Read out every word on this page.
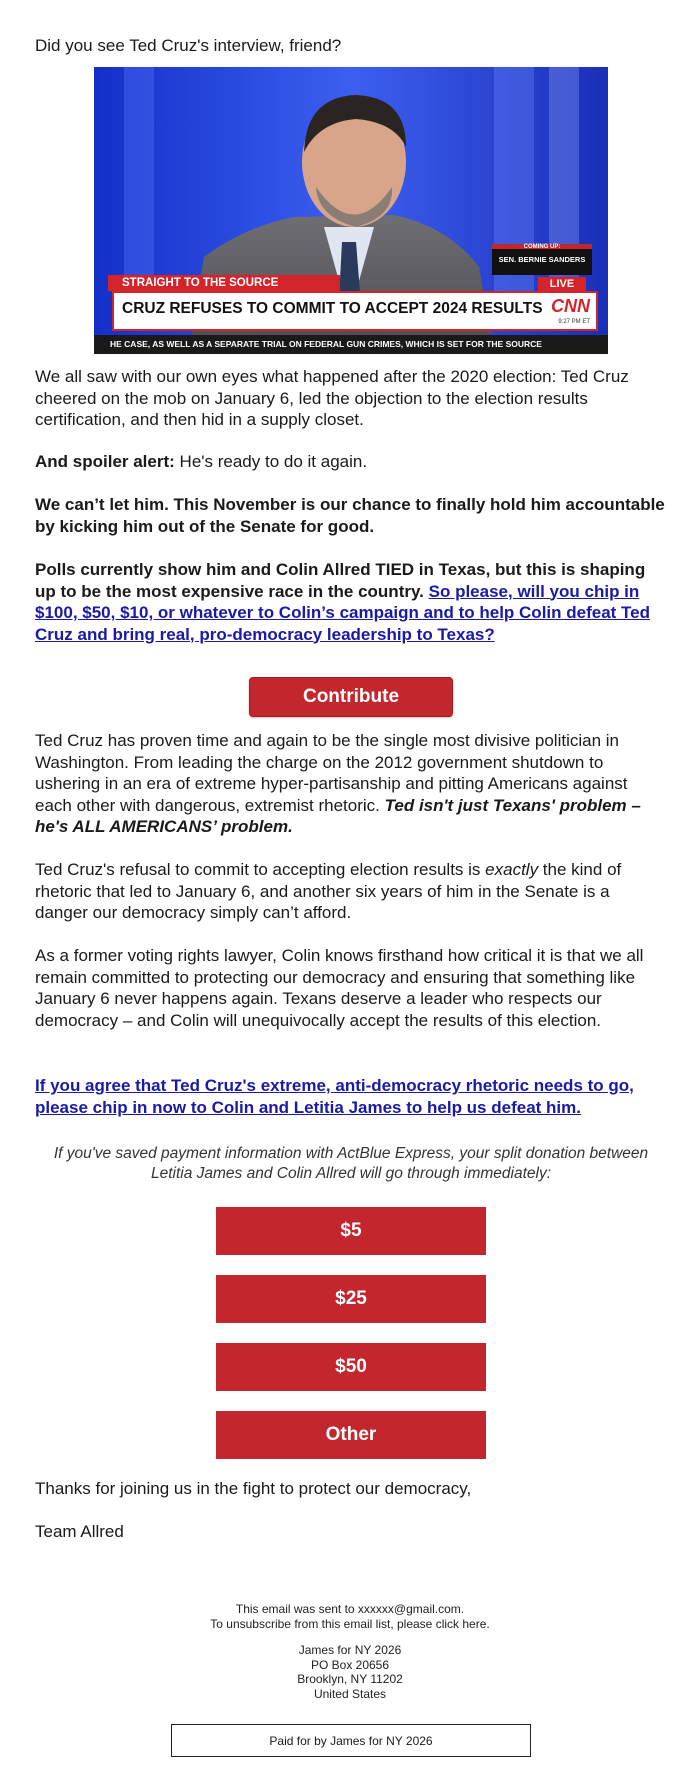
Did you see Ted Cruz's interview, friend?

COMING UP:
SEN. BERNIE SANDERS
STRAIGHT TO THE SOURCE	LIVE
CRUZ REFUSES TO COMMIT TO ACCEPT 2024 RESULTS CNN
9:27 PM ET
HE CASE, AS WELL AS A SEPARATE TRIAL ON FEDERAL GUN CRIMES, WHICH IS SET FOR THE SOURCE

We all saw with our own eyes what happened after the 2020 election: Ted Cruz cheered on the mob on January 6, led the objection to the election results certification, and then hid in a supply closet.

And spoiler alert: He's ready to do it again.

We can’t let him. This November is our chance to finally hold him accountable by kicking him out of the Senate for good.

Polls currently show him and Colin Allred TIED in Texas, but this is shaping up to be the most expensive race in the country. So please, will you chip in $100, $50, $10, or whatever to Colin’s campaign and to help Colin defeat Ted Cruz and bring real, pro-democracy leadership to Texas?

Contribute

Ted Cruz has proven time and again to be the single most divisive politician in Washington. From leading the charge on the 2012 government shutdown to ushering in an era of extreme hyper-partisanship and pitting Americans against each other with dangerous, extremist rhetoric. Ted isn't just Texans' problem – he's ALL AMERICANS’ problem.

Ted Cruz's refusal to commit to accepting election results is exactly the kind of rhetoric that led to January 6, and another six years of him in the Senate is a danger our democracy simply can’t afford.

As a former voting rights lawyer, Colin knows firsthand how critical it is that we all remain committed to protecting our democracy and ensuring that something like January 6 never happens again. Texans deserve a leader who respects our democracy – and Colin will unequivocally accept the results of this election.

If you agree that Ted Cruz's extreme, anti-democracy rhetoric needs to go, please chip in now to Colin and Letitia James to help us defeat him.

If you've saved payment information with ActBlue Express, your split donation between Letitia James and Colin Allred will go through immediately:
$5
$25
$50
Other

Thanks for joining us in the fight to protect our democracy,

Team Allred

This email was sent to xxxxxx@gmail.com.
To unsubscribe from this email list, please click here.
James for NY 2026
PO Box 20656
Brooklyn, NY 11202
United States
Paid for by James for NY 2026
